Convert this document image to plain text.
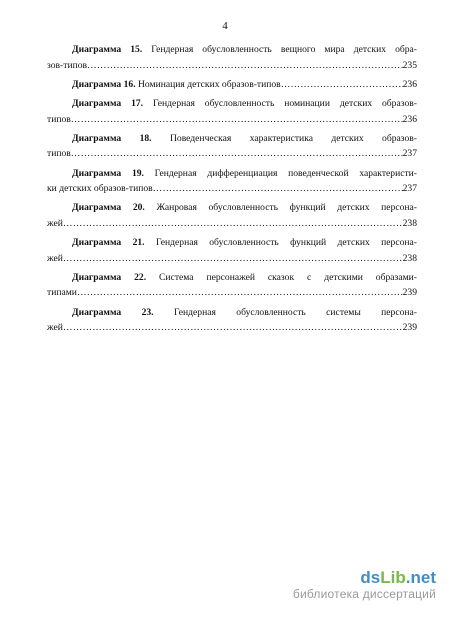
4
Диаграмма 15. Гендерная обусловленность вещного мира детских обра-
зов-типов …………………………………………………………………………………………………………………………………………………………	235
Диаграмма 16. Номинация детских образов-типов …………………………………………………………………………………………………………………………………………………………	236
Диаграмма 17. Гендерная обусловленность номинации детских образов-
типов …………………………………………………………………………………………………………………………………………………………	236
Диаграмма 18. Поведенческая характеристика детских образов-
типов …………………………………………………………………………………………………………………………………………………………	237
Диаграмма 19. Гендерная дифференциация поведенческой характеристи-
ки детских образов-типов …………………………………………………………………………………………………………………………………………………………	237
Диаграмма 20. Жанровая обусловленность функций детских персона-
жей …………………………………………………………………………………………………………………………………………………………	238
Диаграмма 21. Гендерная обусловленность функций детских персона-
жей …………………………………………………………………………………………………………………………………………………………	238
Диаграмма 22. Система персонажей сказок с детскими образами-
типами …………………………………………………………………………………………………………………………………………………………	239
Диаграмма 23. Гендерная обусловленность системы персона-
жей …………………………………………………………………………………………………………………………………………………………	239
dsLib.net
библиотека диссертаций
